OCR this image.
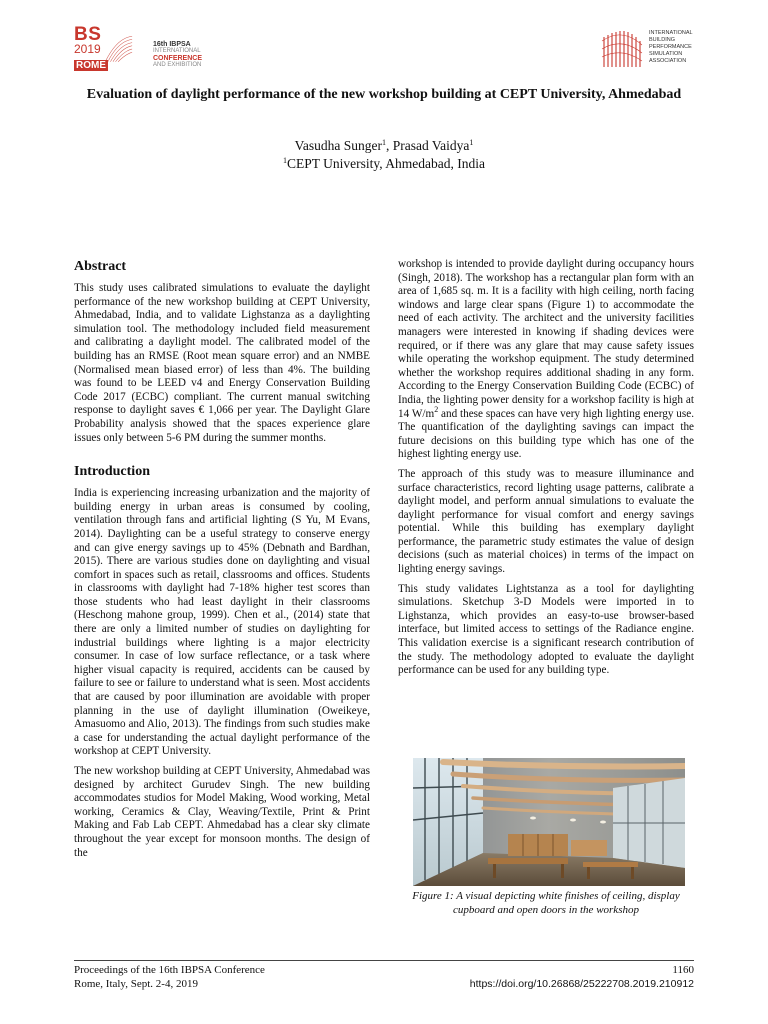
BS
2019
ROME
16th IBPSA
INTERNATIONAL
CONFERENCE
AND EXHIBITION
INTERNATIONAL
BUILDING
PERFORMANCE
SIMULATION
ASSOCIATION
Evaluation of daylight performance of the new workshop building at CEPT University, Ahmedabad
Vasudha Sunger$^1$, Prasad Vaidya$^1$
$^1$CEPT University, Ahmedabad, India
Abstract

This study uses calibrated simulations to evaluate the daylight performance of the new workshop building at CEPT University, Ahmedabad, India, and to validate Lighstanza as a daylighting simulation tool. The methodology included field measurement and calibrating a daylight model. The calibrated model of the building has an RMSE (Root mean square error) and an NMBE (Normalised mean biased error) of less than 4%. The building was found to be LEED v4 and Energy Conservation Building Code 2017 (ECBC) compliant. The current manual switching response to daylight saves € 1,066 per year. The Daylight Glare Probability analysis showed that the spaces experience glare issues only between 5-6 PM during the summer months.

Introduction

India is experiencing increasing urbanization and the majority of building energy in urban areas is consumed by cooling, ventilation through fans and artificial lighting (S Yu, M Evans, 2014). Daylighting can be a useful strategy to conserve energy and can give energy savings up to 45% (Debnath and Bardhan, 2015). There are various studies done on daylighting and visual comfort in spaces such as retail, classrooms and offices. Students in classrooms with daylight had 7-18% higher test scores than those students who had least daylight in their classrooms (Heschong mahone group, 1999). Chen et al., (2014) state that there are only a limited number of studies on daylighting for industrial buildings where lighting is a major electricity consumer. In case of low surface reflectance, or a task where higher visual capacity is required, accidents can be caused by failure to see or failure to understand what is seen. Most accidents that are caused by poor illumination are avoidable with proper planning in the use of daylight illumination (Oweikeye, Amasuomo and Alio, 2013). The findings from such studies make a case for understanding the actual daylight performance of the workshop at CEPT University.

The new workshop building at CEPT University, Ahmedabad was designed by architect Gurudev Singh. The new building accommodates studios for Model Making, Wood working, Metal working, Ceramics & Clay, Weaving/Textile, Print & Print Making and Fab Lab CEPT. Ahmedabad has a clear sky climate throughout the year except for monsoon months. The design of the

workshop is intended to provide daylight during occupancy hours (Singh, 2018). The workshop has a rectangular plan form with an area of 1,685 sq. m. It is a facility with high ceiling, north facing windows and large clear spans (Figure 1) to accommodate the need of each activity. The architect and the university facilities managers were interested in knowing if shading devices were required, or if there was any glare that may cause safety issues while operating the workshop equipment. The study determined whether the workshop requires additional shading in any form. According to the Energy Conservation Building Code (ECBC) of India, the lighting power density for a workshop facility is high at 14 $W/m^2$ and these spaces can have very high lighting energy use. The quantification of the daylighting savings can impact the future decisions on this building type which has one of the highest lighting energy use.

The approach of this study was to measure illuminance and surface characteristics, record lighting usage patterns, calibrate a daylight model, and perform annual simulations to evaluate the daylight performance for visual comfort and energy savings potential. While this building has exemplary daylight performance, the parametric study estimates the value of design decisions (such as material choices) in terms of the impact on lighting energy savings.

This study validates Lightstanza as a tool for daylighting simulations. Sketchup 3-D Models were imported in to Lighstanza, which provides an easy-to-use browser-based interface, but limited access to settings of the Radiance engine. This validation exercise is a significant research contribution of the study. The methodology adopted to evaluate the daylight performance can be used for any building type.

Figure 1: A visual depicting white finishes of ceiling, display cupboard and open doors in the workshop
Proceedings of the 16th IBPSA Conference
Rome, Italy, Sept. 2-4, 2019
1160
https://doi.org/10.26868/25222708.2019.210912
